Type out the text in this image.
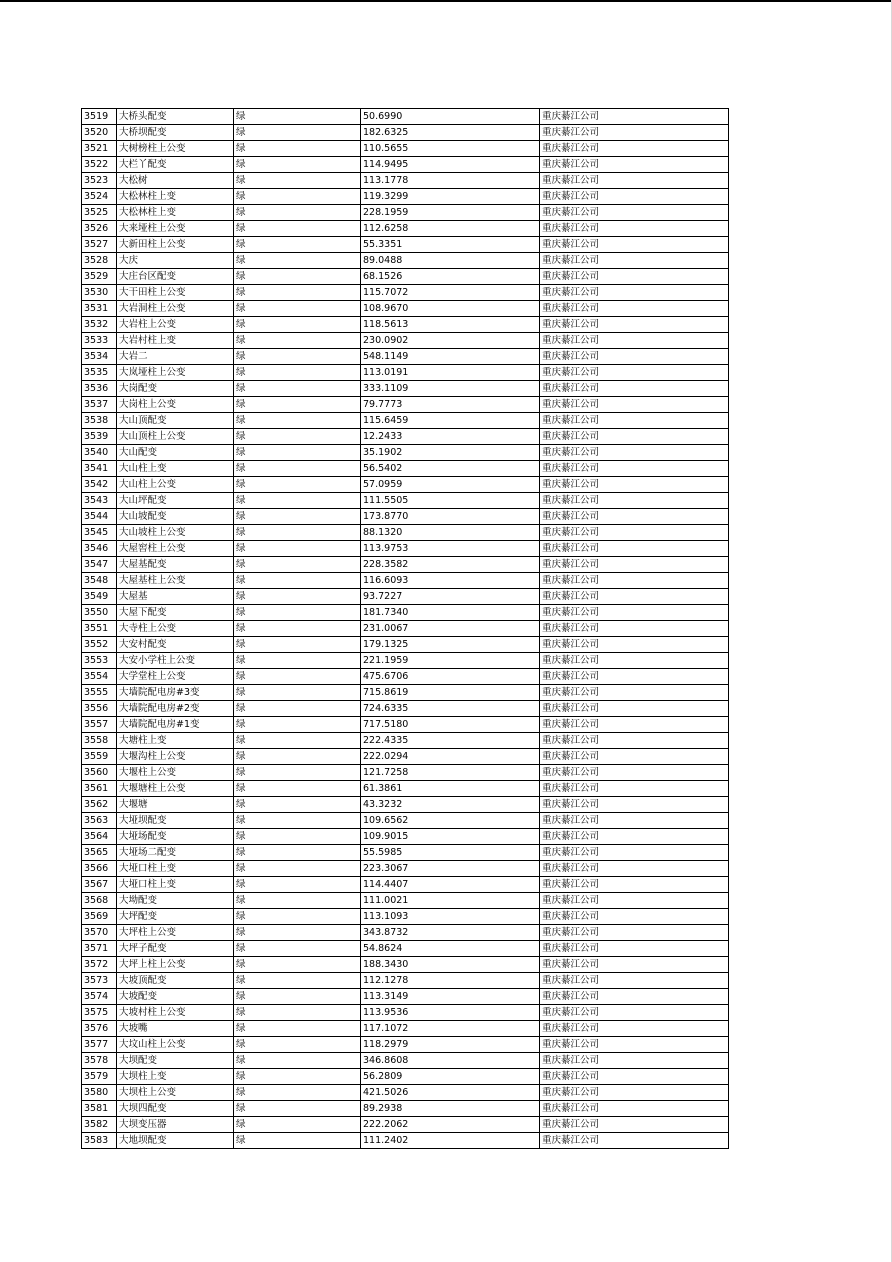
3519	大桥头配变	绿	50.6990	重庆綦江公司
3520	大桥坝配变	绿	182.6325	重庆綦江公司
3521	大树榜柱上公变	绿	110.5655	重庆綦江公司
3522	大栏丫配变	绿	114.9495	重庆綦江公司
3523	大松树	绿	113.1778	重庆綦江公司
3524	大松林柱上变	绿	119.3299	重庆綦江公司
3525	大松林柱上变	绿	228.1959	重庆綦江公司
3526	大来垭柱上公变	绿	112.6258	重庆綦江公司
3527	大新田柱上公变	绿	55.3351	重庆綦江公司
3528	大庆	绿	89.0488	重庆綦江公司
3529	大庄台区配变	绿	68.1526	重庆綦江公司
3530	大干田柱上公变	绿	115.7072	重庆綦江公司
3531	大岩洞柱上公变	绿	108.9670	重庆綦江公司
3532	大岩柱上公变	绿	118.5613	重庆綦江公司
3533	大岩村柱上变	绿	230.0902	重庆綦江公司
3534	大岩二	绿	548.1149	重庆綦江公司
3535	大岚垭柱上公变	绿	113.0191	重庆綦江公司
3536	大岗配变	绿	333.1109	重庆綦江公司
3537	大岗柱上公变	绿	79.7773	重庆綦江公司
3538	大山顶配变	绿	115.6459	重庆綦江公司
3539	大山顶柱上公变	绿	12.2433	重庆綦江公司
3540	大山配变	绿	35.1902	重庆綦江公司
3541	大山柱上变	绿	56.5402	重庆綦江公司
3542	大山柱上公变	绿	57.0959	重庆綦江公司
3543	大山坪配变	绿	111.5505	重庆綦江公司
3544	大山坡配变	绿	173.8770	重庆綦江公司
3545	大山坡柱上公变	绿	88.1320	重庆綦江公司
3546	大屋窖柱上公变	绿	113.9753	重庆綦江公司
3547	大屋基配变	绿	228.3582	重庆綦江公司
3548	大屋基柱上公变	绿	116.6093	重庆綦江公司
3549	大屋基	绿	93.7227	重庆綦江公司
3550	大屋下配变	绿	181.7340	重庆綦江公司
3551	大寺柱上公变	绿	231.0067	重庆綦江公司
3552	大安村配变	绿	179.1325	重庆綦江公司
3553	大安小学柱上公变	绿	221.1959	重庆綦江公司
3554	大学堂柱上公变	绿	475.6706	重庆綦江公司
3555	大墙院配电房#3变	绿	715.8619	重庆綦江公司
3556	大墙院配电房#2变	绿	724.6335	重庆綦江公司
3557	大墙院配电房#1变	绿	717.5180	重庆綦江公司
3558	大塘柱上变	绿	222.4335	重庆綦江公司
3559	大堰沟柱上公变	绿	222.0294	重庆綦江公司
3560	大堰柱上公变	绿	121.7258	重庆綦江公司
3561	大堰塘柱上公变	绿	61.3861	重庆綦江公司
3562	大堰塘	绿	43.3232	重庆綦江公司
3563	大垭坝配变	绿	109.6562	重庆綦江公司
3564	大垭场配变	绿	109.9015	重庆綦江公司
3565	大垭场二配变	绿	55.5985	重庆綦江公司
3566	大垭口柱上变	绿	223.3067	重庆綦江公司
3567	大垭口柱上变	绿	114.4407	重庆綦江公司
3568	大坳配变	绿	111.0021	重庆綦江公司
3569	大坪配变	绿	113.1093	重庆綦江公司
3570	大坪柱上公变	绿	343.8732	重庆綦江公司
3571	大坪子配变	绿	54.8624	重庆綦江公司
3572	大坪上柱上公变	绿	188.3430	重庆綦江公司
3573	大坡顶配变	绿	112.1278	重庆綦江公司
3574	大坡配变	绿	113.3149	重庆綦江公司
3575	大坡村柱上公变	绿	113.9536	重庆綦江公司
3576	大坡嘴	绿	117.1072	重庆綦江公司
3577	大坟山柱上公变	绿	118.2979	重庆綦江公司
3578	大坝配变	绿	346.8608	重庆綦江公司
3579	大坝柱上变	绿	56.2809	重庆綦江公司
3580	大坝柱上公变	绿	421.5026	重庆綦江公司
3581	大坝四配变	绿	89.2938	重庆綦江公司
3582	大坝变压器	绿	222.2062	重庆綦江公司
3583	大地坝配变	绿	111.2402	重庆綦江公司
